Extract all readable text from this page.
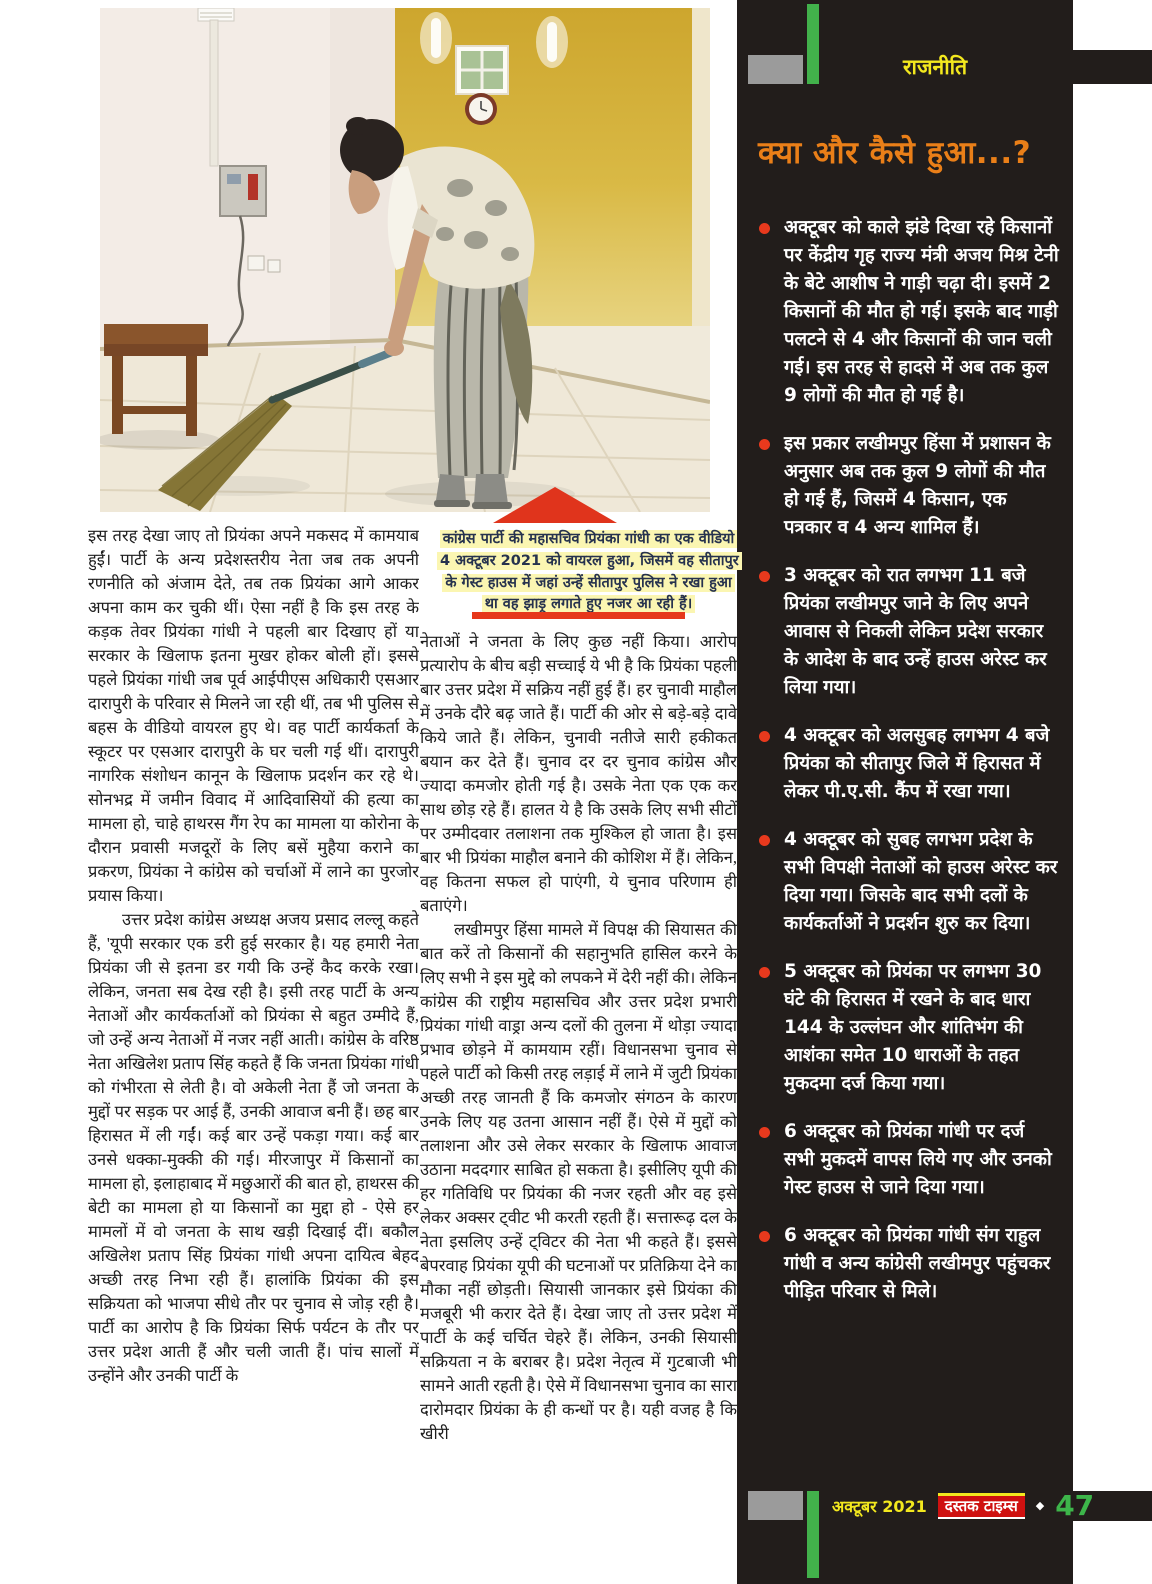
कांग्रेस पार्टी की महासचिव प्रियंका गांधी का एक वीडियो 4 अक्टूबर 2021 को वायरल हुआ, जिसमें वह सीतापुर के गेस्ट हाउस में जहां उन्हें सीतापुर पुलिस ने रखा हुआ था वह झाड़ू लगाते हुए नजर आ रही हैं।

इस तरह देखा जाए तो प्रियंका अपने मकसद में कामयाब हुईं। पार्टी के अन्य प्रदेशस्तरीय नेता जब तक अपनी रणनीति को अंजाम देते, तब तक प्रियंका आगे आकर अपना काम कर चुकी थीं। ऐसा नहीं है कि इस तरह के कड़क तेवर प्रियंका गांधी ने पहली बार दिखाए हों या सरकार के खिलाफ इतना मुखर होकर बोली हों। इससे पहले प्रियंका गांधी जब पूर्व आईपीएस अधिकारी एसआर दारापुरी के परिवार से मिलने जा रही थीं, तब भी पुलिस से बहस के वीडियो वायरल हुए थे। वह पार्टी कार्यकर्ता के स्कूटर पर एसआर दारापुरी के घर चली गई थीं। दारापुरी नागरिक संशोधन कानून के खिलाफ प्रदर्शन कर रहे थे। सोनभद्र में जमीन विवाद में आदिवासियों की हत्या का मामला हो, चाहे हाथरस गैंग रेप का मामला या कोरोना के दौरान प्रवासी मजदूरों के लिए बसें मुहैया कराने का प्रकरण, प्रियंका ने कांग्रेस को चर्चाओं में लाने का पुरजोर प्रयास किया।

उत्तर प्रदेश कांग्रेस अध्यक्ष अजय प्रसाद लल्लू कहते हैं, 'यूपी सरकार एक डरी हुई सरकार है। यह हमारी नेता प्रियंका जी से इतना डर गयी कि उन्हें कैद करके रखा। लेकिन, जनता सब देख रही है। इसी तरह पार्टी के अन्य नेताओं और कार्यकर्ताओं को प्रियंका से बहुत उम्मीदे हैं, जो उन्हें अन्य नेताओं में नजर नहीं आती। कांग्रेस के वरिष्ठ नेता अखिलेश प्रताप सिंह कहते हैं कि जनता प्रियंका गांधी को गंभीरता से लेती है। वो अकेली नेता हैं जो जनता के मुद्दों पर सड़क पर आई हैं, उनकी आवाज बनी हैं। छह बार हिरासत में ली गईं। कई बार उन्हें पकड़ा गया। कई बार उनसे धक्का-मुक्की की गई। मीरजापुर में किसानों का मामला हो, इलाहाबाद में मछुआरों की बात हो, हाथरस की बेटी का मामला हो या किसानों का मुद्दा हो - ऐसे हर मामलों में वो जनता के साथ खड़ी दिखाई दीं। बकौल अखिलेश प्रताप सिंह प्रियंका गांधी अपना दायित्व बेहद अच्छी तरह निभा रही हैं। हालांकि प्रियंका की इस सक्रियता को भाजपा सीधे तौर पर चुनाव से जोड़ रही है। पार्टी का आरोप है कि प्रियंका सिर्फ पर्यटन के तौर पर उत्तर प्रदेश आती हैं और चली जाती हैं। पांच सालों में उन्होंने और उनकी पार्टी के

नेताओं ने जनता के लिए कुछ नहीं किया। आरोप प्रत्यारोप के बीच बड़ी सच्चाई ये भी है कि प्रियंका पहली बार उत्तर प्रदेश में सक्रिय नहीं हुई हैं। हर चुनावी माहौल में उनके दौरे बढ़ जाते हैं। पार्टी की ओर से बड़े-बड़े दावे किये जाते हैं। लेकिन, चुनावी नतीजे सारी हकीकत बयान कर देते हैं। चुनाव दर दर चुनाव कांग्रेस और ज्यादा कमजोर होती गई है। उसके नेता एक एक कर साथ छोड़ रहे हैं। हालत ये है कि उसके लिए सभी सीटों पर उम्मीदवार तलाशना तक मुश्किल हो जाता है। इस बार भी प्रियंका माहौल बनाने की कोशिश में हैं। लेकिन, वह कितना सफल हो पाएंगी, ये चुनाव परिणाम ही बताएंगे।

लखीमपुर हिंसा मामले में विपक्ष की सियासत की बात करें तो किसानों की सहानुभति हासिल करने के लिए सभी ने इस मुद्दे को लपकने में देरी नहीं की। लेकिन कांग्रेस की राष्ट्रीय महासचिव और उत्तर प्रदेश प्रभारी प्रियंका गांधी वाड्रा अन्य दलों की तुलना में थोड़ा ज्यादा प्रभाव छोड़ने में कामयाम रहीं। विधानसभा चुनाव से पहले पार्टी को किसी तरह लड़ाई में लाने में जुटी प्रियंका अच्छी तरह जानती हैं कि कमजोर संगठन के कारण उनके लिए यह उतना आसान नहीं हैं। ऐसे में मुद्दों को तलाशना और उसे लेकर सरकार के खिलाफ आवाज उठाना मददगार साबित हो सकता है। इसीलिए यूपी की हर गतिविधि पर प्रियंका की नजर रहती और वह इसे लेकर अक्सर ट्वीट भी करती रहती हैं। सत्तारूढ़ दल के नेता इसलिए उन्हें ट्विटर की नेता भी कहते हैं। इससे बेपरवाह प्रियंका यूपी की घटनाओं पर प्रतिक्रिया देने का मौका नहीं छोड़ती। सियासी जानकार इसे प्रियंका की मजबूरी भी करार देते हैं। देखा जाए तो उत्तर प्रदेश में पार्टी के कई चर्चित चेहरे हैं। लेकिन, उनकी सियासी सक्रियता न के बराबर है। प्रदेश नेतृत्व में गुटबाजी भी सामने आती रहती है। ऐसे में विधानसभा चुनाव का सारा दारोमदार प्रियंका के ही कन्धों पर है। यही वजह है कि खीरी

राजनीति
क्या और कैसे हुआ...?
अक्टूबर को काले झंडे दिखा रहे किसानों पर केंद्रीय गृह राज्य मंत्री अजय मिश्र टेनी के बेटे आशीष ने गाड़ी चढ़ा दी। इसमें 2 किसानों की मौत हो गई। इसके बाद गाड़ी पलटने से 4 और किसानों की जान चली गई। इस तरह से हादसे में अब तक कुल 9 लोगों की मौत हो गई है।
इस प्रकार लखीमपुर हिंसा में प्रशासन के अनुसार अब तक कुल 9 लोगों की मौत हो गई हैं, जिसमें 4 किसान, एक पत्रकार व 4 अन्य शामिल हैं।
3 अक्टूबर को रात लगभग 11 बजे प्रियंका लखीमपुर जाने के लिए अपने आवास से निकली लेकिन प्रदेश सरकार के आदेश के बाद उन्हें हाउस अरेस्ट कर लिया गया।
4 अक्टूबर को अलसुबह लगभग 4 बजे प्रियंका को सीतापुर जिले में हिरासत में लेकर पी.ए.सी. कैंप में रखा गया।
4 अक्टूबर को सुबह लगभग प्रदेश के सभी विपक्षी नेताओं को हाउस अरेस्ट कर दिया गया। जिसके बाद सभी दलों के कार्यकर्ताओं ने प्रदर्शन शुरु कर दिया।
5 अक्टूबर को प्रियंका पर लगभग 30 घंटे की हिरासत में रखने के बाद धारा 144 के उल्लंघन और शांतिभंग की आशंका समेत 10 धाराओं के तहत मुकदमा दर्ज किया गया।
6 अक्टूबर को प्रियंका गांधी पर दर्ज सभी मुकदमें वापस लिये गए और उनको गेस्ट हाउस से जाने दिया गया।
6 अक्टूबर को प्रियंका गांधी संग राहुल गांधी व अन्य कांग्रेसी लखीमपुर पहुंचकर पीड़ित परिवार से मिले।
अक्टूबर 2021	दस्तक टाइम्स	◆ 47
